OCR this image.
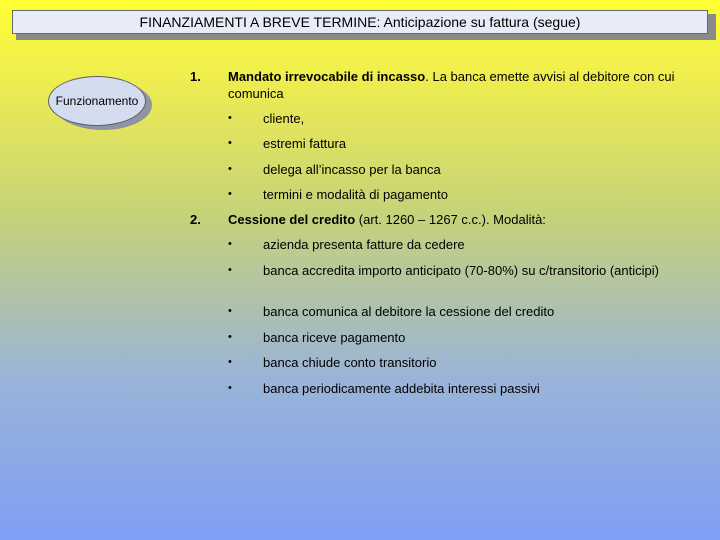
FINANZIAMENTI A BREVE TERMINE: Anticipazione su fattura (segue)
Funzionamento
1. Mandato irrevocabile di incasso. La banca emette avvisi al debitore con cui comunica
• cliente,
• estremi fattura
• delega all’incasso per la banca
• termini e modalità di pagamento
2. Cessione del credito (art. 1260 – 1267 c.c.). Modalità:
• azienda presenta fatture da cedere
• banca accredita importo anticipato (70-80%) su c/transitorio (anticipi)
• banca comunica al debitore la cessione del credito
• banca riceve pagamento
• banca chiude conto transitorio
• banca periodicamente addebita interessi passivi
